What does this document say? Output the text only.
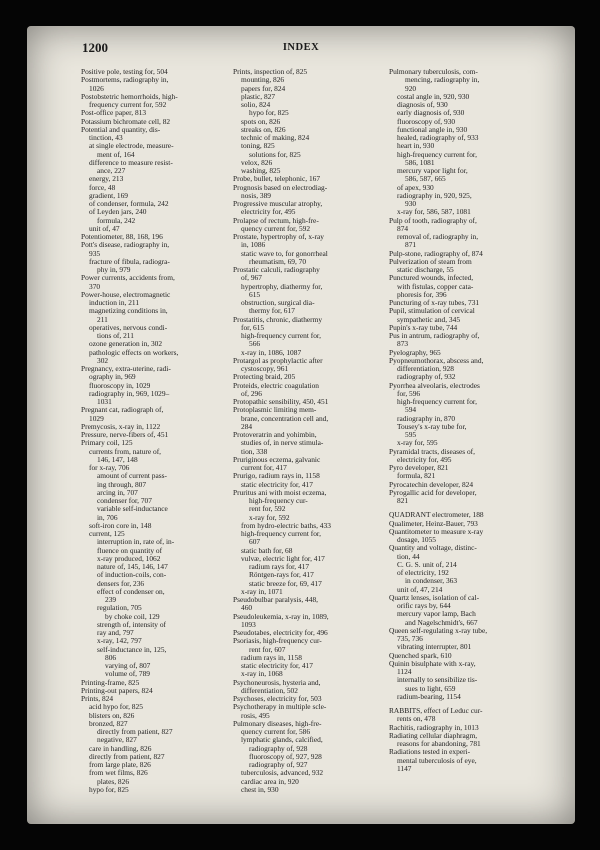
1200	INDEX

Positive pole, testing for, 504

Postmortems, radiography in,

1026

Postobstetric hemorrhoids, high-

frequency current for, 592

Post-office paper, 813

Potassium bichromate cell, 82

Potential and quantity, dis-

tinction, 43

at single electrode, measure-

ment of, 164

difference to measure resist-

ance, 227

energy, 213

force, 48

gradient, 169

of condenser, formula, 242

of Leyden jars, 240

formula, 242

unit of, 47

Potentiometer, 88, 168, 196

Pott's disease, radiography in,

935

fracture of fibula, radiogra-

phy in, 979

Power currents, accidents from,

370

Power-house, electromagnetic

induction in, 211

magnetizing conditions in,

211

operatives, nervous condi-

tions of, 211

ozone generation in, 302

pathologic effects on workers,

302

Pregnancy, extra-uterine, radi-

ography in, 969

fluoroscopy in, 1029

radiography in, 969, 1029–

1031

Pregnant cat, radiograph of,

1029

Premycosis, x-ray in, 1122

Pressure, nerve-fibers of, 451

Primary coil, 125

currents from, nature of,

146, 147, 148

for x-ray, 706

amount of current pass-

ing through, 807

arcing in, 707

condenser for, 707

variable self-inductance

in, 706

soft-iron core in, 148

current, 125

interruption in, rate of, in-

fluence on quantity of

x-ray produced, 1062

nature of, 145, 146, 147

of induction-coils, con-

densers for, 236

effect of condenser on,

239

regulation, 705

by choke coil, 129

strength of, intensity of

ray and, 797

x-ray, 142, 797

self-inductance in, 125,

806

varying of, 807

volume of, 789

Printing-frame, 825

Printing-out papers, 824

Prints, 824

acid hypo for, 825

blisters on, 826

bronzed, 827

directly from patient, 827

negative, 827

care in handling, 826

directly from patient, 827

from large plate, 826

from wet films, 826

plates, 826

hypo for, 825

Prints, inspection of, 825

mounting, 826

papers for, 824

plastic, 827

solio, 824

hypo for, 825

spots on, 826

streaks on, 826

technic of making, 824

toning, 825

solutions for, 825

velox, 826

washing, 825

Probe, bullet, telephonic, 167

Prognosis based on electrodiag-

nosis, 389

Progressive muscular atrophy,

electricity for, 495

Prolapse of rectum, high-fre-

quency current for, 592

Prostate, hypertrophy of, x-ray

in, 1086

static wave to, for gonorrheal

rheumatism, 69, 70

Prostatic calculi, radiography

of, 967

hypertrophy, diathermy for,

615

obstruction, surgical dia-

thermy for, 617

Prostatitis, chronic, diathermy

for, 615

high-frequency current for,

566

x-ray in, 1086, 1087

Protargol as prophylactic after

cystoscopy, 961

Protecting braid, 205

Proteids, electric coagulation

of, 296

Protopathic sensibility, 450, 451

Protoplasmic limiting mem-

brane, concentration cell and,

284

Protoveratrin and yohimbin,

studies of, in nerve stimula-

tion, 338

Pruriginous eczema, galvanic

current for, 417

Prurigo, radium rays in, 1158

static electricity for, 417

Pruritus ani with moist eczema,

high-frequency cur-

rent for, 592

x-ray for, 592

from hydro-electric baths, 433

high-frequency current for,

607

static bath for, 68

vulvæ, electric light for, 417

radium rays for, 417

Röntgen-rays for, 417

static breeze for, 69, 417

x-ray in, 1071

Pseudobulbar paralysis, 448,

460

Pseudoleukemia, x-ray in, 1089,

1093

Pseudotabes, electricity for, 496

Psoriasis, high-frequency cur-

rent for, 607

radium rays in, 1158

static electricity for, 417

x-ray in, 1068

Psychoneurosis, hysteria and,

differentiation, 502

Psychoses, electricity for, 503

Psychotherapy in multiple scle-

rosis, 495

Pulmonary diseases, high-fre-

quency current for, 586

lymphatic glands, calcified,

radiography of, 928

fluoroscopy of, 927, 928

radiography of, 927

tuberculosis, advanced, 932

cardiac area in, 920

chest in, 930

Pulmonary tuberculosis, com-

mencing, radiography in,

920

costal angle in, 920, 930

diagnosis of, 930

early diagnosis of, 930

fluoroscopy of, 930

functional angle in, 930

healed, radiography of, 933

heart in, 930

high-frequency current for,

586, 1081

mercury vapor light for,

586, 587, 665

of apex, 930

radiography in, 920, 925,

930

x-ray for, 586, 587, 1081

Pulp of tooth, radiography of,

874

removal of, radiography in,

871

Pulp-stone, radiography of, 874

Pulverization of steam from

static discharge, 55

Punctured wounds, infected,

with fistulas, copper cata-

phoresis for, 396

Puncturing of x-ray tubes, 731

Pupil, stimulation of cervical

sympathetic and, 345

Pupin's x-ray tube, 744

Pus in antrum, radiography of,

873

Pyelography, 965

Pyopneumothorax, abscess and,

differentiation, 928

radiography of, 932

Pyorrhea alveolaris, electrodes

for, 596

high-frequency current for,

594

radiography in, 870

Tousey's x-ray tube for,

595

x-ray for, 595

Pyramidal tracts, diseases of,

electricity for, 495

Pyro developer, 821

formula, 821

Pyrocatechin developer, 824

Pyrogallic acid for developer,

821

QUADRANT electrometer, 188

Qualimeter, Heinz-Bauer, 793

Quantitometer to measure x-ray

dosage, 1055

Quantity and voltage, distinc-

tion, 44

C. G. S. unit of, 214

of electricity, 192

in condenser, 363

unit of, 47, 214

Quartz lenses, isolation of cal-

orific rays by, 644

mercury vapor lamp, Bach

and Nagelschmidt's, 667

Queen self-regulating x-ray tube,

735, 736

vibrating interrupter, 801

Quenched spark, 610

Quinin bisulphate with x-ray,

1124

internally to sensibilize tis-

sues to light, 659

radium-bearing, 1154

RABBITS, effect of Leduc cur-

rents on, 478

Rachitis, radiography in, 1013

Radiating cellular diaphragm,

reasons for abandoning, 781

Radiations tested in experi-

mental tuberculosis of eye,

1147
